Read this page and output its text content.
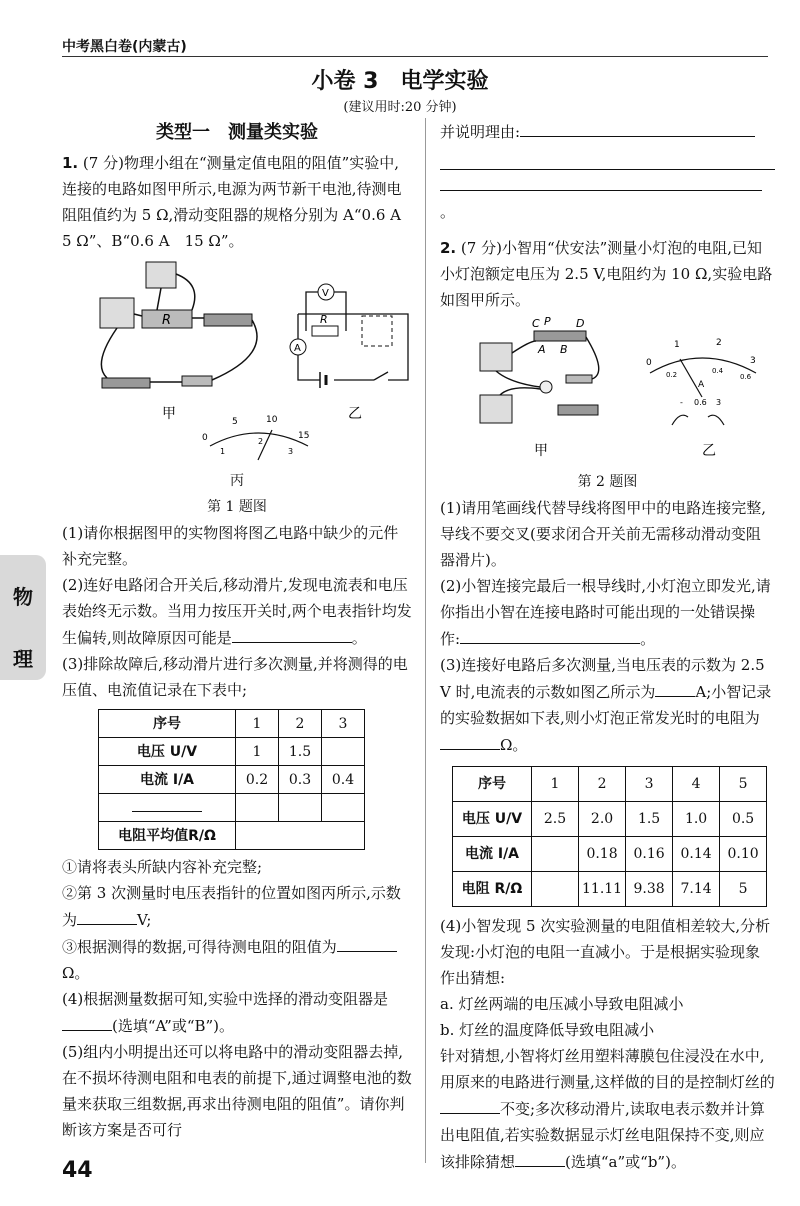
中考黑白卷(内蒙古)
小卷 3　电学实验
(建议用时:20 分钟)
物
理
类型一　测量类实验

1. (7 分)物理小组在“测量定值电阻的阻值”实验中,连接的电路如图甲所示,电源为两节新干电池,待测电阻阻值约为 5 Ω,滑动变阻器的规格分别为 A“0.6 A　5 Ω”、B“0.6 A　15 Ω”。

R
甲
A
R
V
乙
0
5	10
15
1
2
3
丙
第 1 题图

(1)请你根据图甲的实物图将图乙电路中缺少的元件补充完整。

(2)连好电路闭合开关后,移动滑片,发现电流表和电压表始终无示数。当用力按压开关时,两个电表指针均发生偏转,则故障原因可能是	。

(3)排除故障后,移动滑片进行多次测量,并将测得的电压值、电流值记录在下表中;

序号	1	2	3
电压 U/V	1	1.5	
电流 I/A	0.2	0.3	0.4

电阻平均值R/Ω			

①请将表头所缺内容补充完整;

②第 3 次测量时电压表指针的位置如图丙所示,示数为	V;

③根据测得的数据,可得待测电阻的阻值为Ω。

(4)根据测量数据可知,实验中选择的滑动变阻器是(选填“A”或“B”)。

(5)组内小明提出还可以将电路中的滑动变阻器去掉,在不损坏待测电阻和电表的前提下,通过调整电池的数量来获取三组数据,再求出待测电阻的阻值”。请你判断该方案是否可行

并说明理由:

。

2. (7 分)小智用“伏安法”测量小灯泡的电阻,已知小灯泡额定电压为 2.5 V,电阻约为 10 Ω,实验电路如图甲所示。

C P D
A B
甲
0
1	2
3
0.2	0.4
0.6
A
- 0.6 3
乙
第 2 题图

(1)请用笔画线代替导线将图甲中的电路连接完整,导线不要交叉(要求闭合开关前无需移动滑动变阻器滑片)。

(2)小智连接完最后一根导线时,小灯泡立即发光,请你指出小智在连接电路时可能出现的一处错误操作:	。

(3)连接好电路后多次测量,当电压表的示数为 2.5 V 时,电流表的示数如图乙所示为	A;小智记录的实验数据如下表,则小灯泡正常发光时的电阻为Ω。

序号	1	2	3	4	5
电压 U/V	2.5	2.0	1.5	1.0	0.5
电流 I/A		0.18	0.16	0.14	0.10
电阻 R/Ω		11.11	9.38	7.14	5

(4)小智发现 5 次实验测量的电阻值相差较大,分析发现:小灯泡的电阻一直减小。于是根据实验现象作出猜想:

a. 灯丝两端的电压减小导致电阻减小

b. 灯丝的温度降低导致电阻减小

针对猜想,小智将灯丝用塑料薄膜包住浸没在水中,用原来的电路进行测量,这样做的目的是控制灯丝的不变;多次移动滑片,读取电表示数并计算出电阻值,若实验数据显示灯丝电阻保持不变,则应该排除猜想	(选填“a”或“b”)。

44
